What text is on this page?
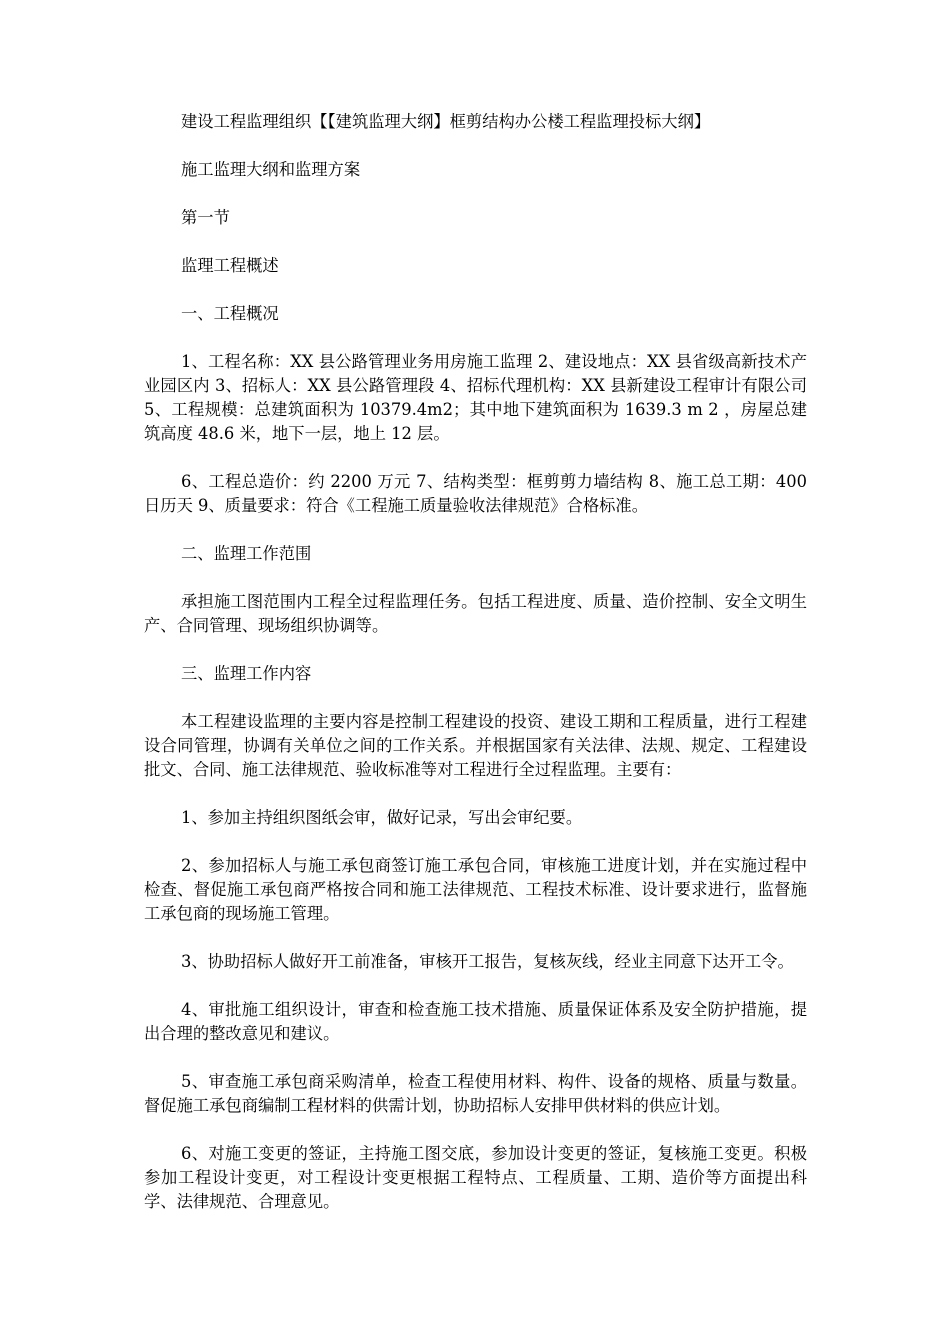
建设工程监理组织【【建筑监理大纲】框剪结构办公楼工程监理投标大纲】

施工监理大纲和监理方案

第一节

监理工程概述

一、工程概况

1、工程名称：XX 县公路管理业务用房施工监理 2、建设地点：XX 县省级高新技术产业园区内 3、招标人：XX 县公路管理段 4、招标代理机构：XX 县新建设工程审计有限公司 5、工程规模：总建筑面积为 10379.4m2；其中地下建筑面积为 1639.3 m 2 ，房屋总建筑高度 48.6 米，地下一层，地上 12 层。

6、工程总造价：约 2200 万元 7、结构类型：框剪剪力墙结构 8、施工总工期：400 日历天 9、质量要求：符合《工程施工质量验收法律规范》合格标准。

二、监理工作范围

承担施工图范围内工程全过程监理任务。包括工程进度、质量、造价控制、安全文明生产、合同管理、现场组织协调等。

三、监理工作内容

本工程建设监理的主要内容是控制工程建设的投资、建设工期和工程质量，进行工程建设合同管理，协调有关单位之间的工作关系。并根据国家有关法律、法规、规定、工程建设批文、合同、施工法律规范、验收标准等对工程进行全过程监理。主要有：

1、参加主持组织图纸会审，做好记录，写出会审纪要。

2、参加招标人与施工承包商签订施工承包合同，审核施工进度计划，并在实施过程中检查、督促施工承包商严格按合同和施工法律规范、工程技术标准、设计要求进行，监督施工承包商的现场施工管理。

3、协助招标人做好开工前准备，审核开工报告，复核灰线，经业主同意下达开工令。

4、审批施工组织设计，审查和检查施工技术措施、质量保证体系及安全防护措施，提出合理的整改意见和建议。

5、审查施工承包商采购清单，检查工程使用材料、构件、设备的规格、质量与数量。督促施工承包商编制工程材料的供需计划，协助招标人安排甲供材料的供应计划。

6、对施工变更的签证，主持施工图交底，参加设计变更的签证，复核施工变更。积极参加工程设计变更，对工程设计变更根据工程特点、工程质量、工期、造价等方面提出科学、法律规范、合理意见。
